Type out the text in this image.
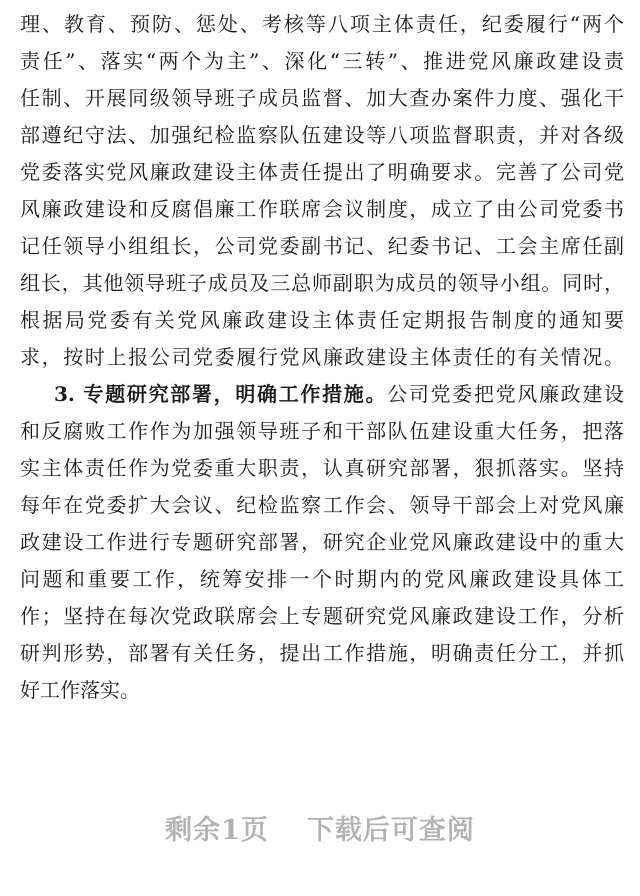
理、教育、预防、惩处、考核等八项主体责任，纪委履行“两个
责任”、落实“两个为主”、深化“三转”、推进党风廉政建设责
任制、开展同级领导班子成员监督、加大查办案件力度、强化干
部遵纪守法、加强纪检监察队伍建设等八项监督职责，并对各级
党委落实党风廉政建设主体责任提出了明确要求。完善了公司党
风廉政建设和反腐倡廉工作联席会议制度，成立了由公司党委书
记任领导小组组长，公司党委副书记、纪委书记、工会主席任副
组长，其他领导班子成员及三总师副职为成员的领导小组。同时，
根据局党委有关党风廉政建设主体责任定期报告制度的通知要
求，按时上报公司党委履行党风廉政建设主体责任的有关情况。
3. 专题研究部署，明确工作措施。公司党委把党风廉政建设
和反腐败工作作为加强领导班子和干部队伍建设重大任务，把落
实主体责任作为党委重大职责，认真研究部署，狠抓落实。坚持
每年在党委扩大会议、纪检监察工作会、领导干部会上对党风廉
政建设工作进行专题研究部署，研究企业党风廉政建设中的重大
问题和重要工作，统筹安排一个时期内的党风廉政建设具体工
作；坚持在每次党政联席会上专题研究党风廉政建设工作，分析
研判形势，部署有关任务，提出工作措施，明确责任分工，并抓
好工作落实。
剩余1页 下载后可查阅
